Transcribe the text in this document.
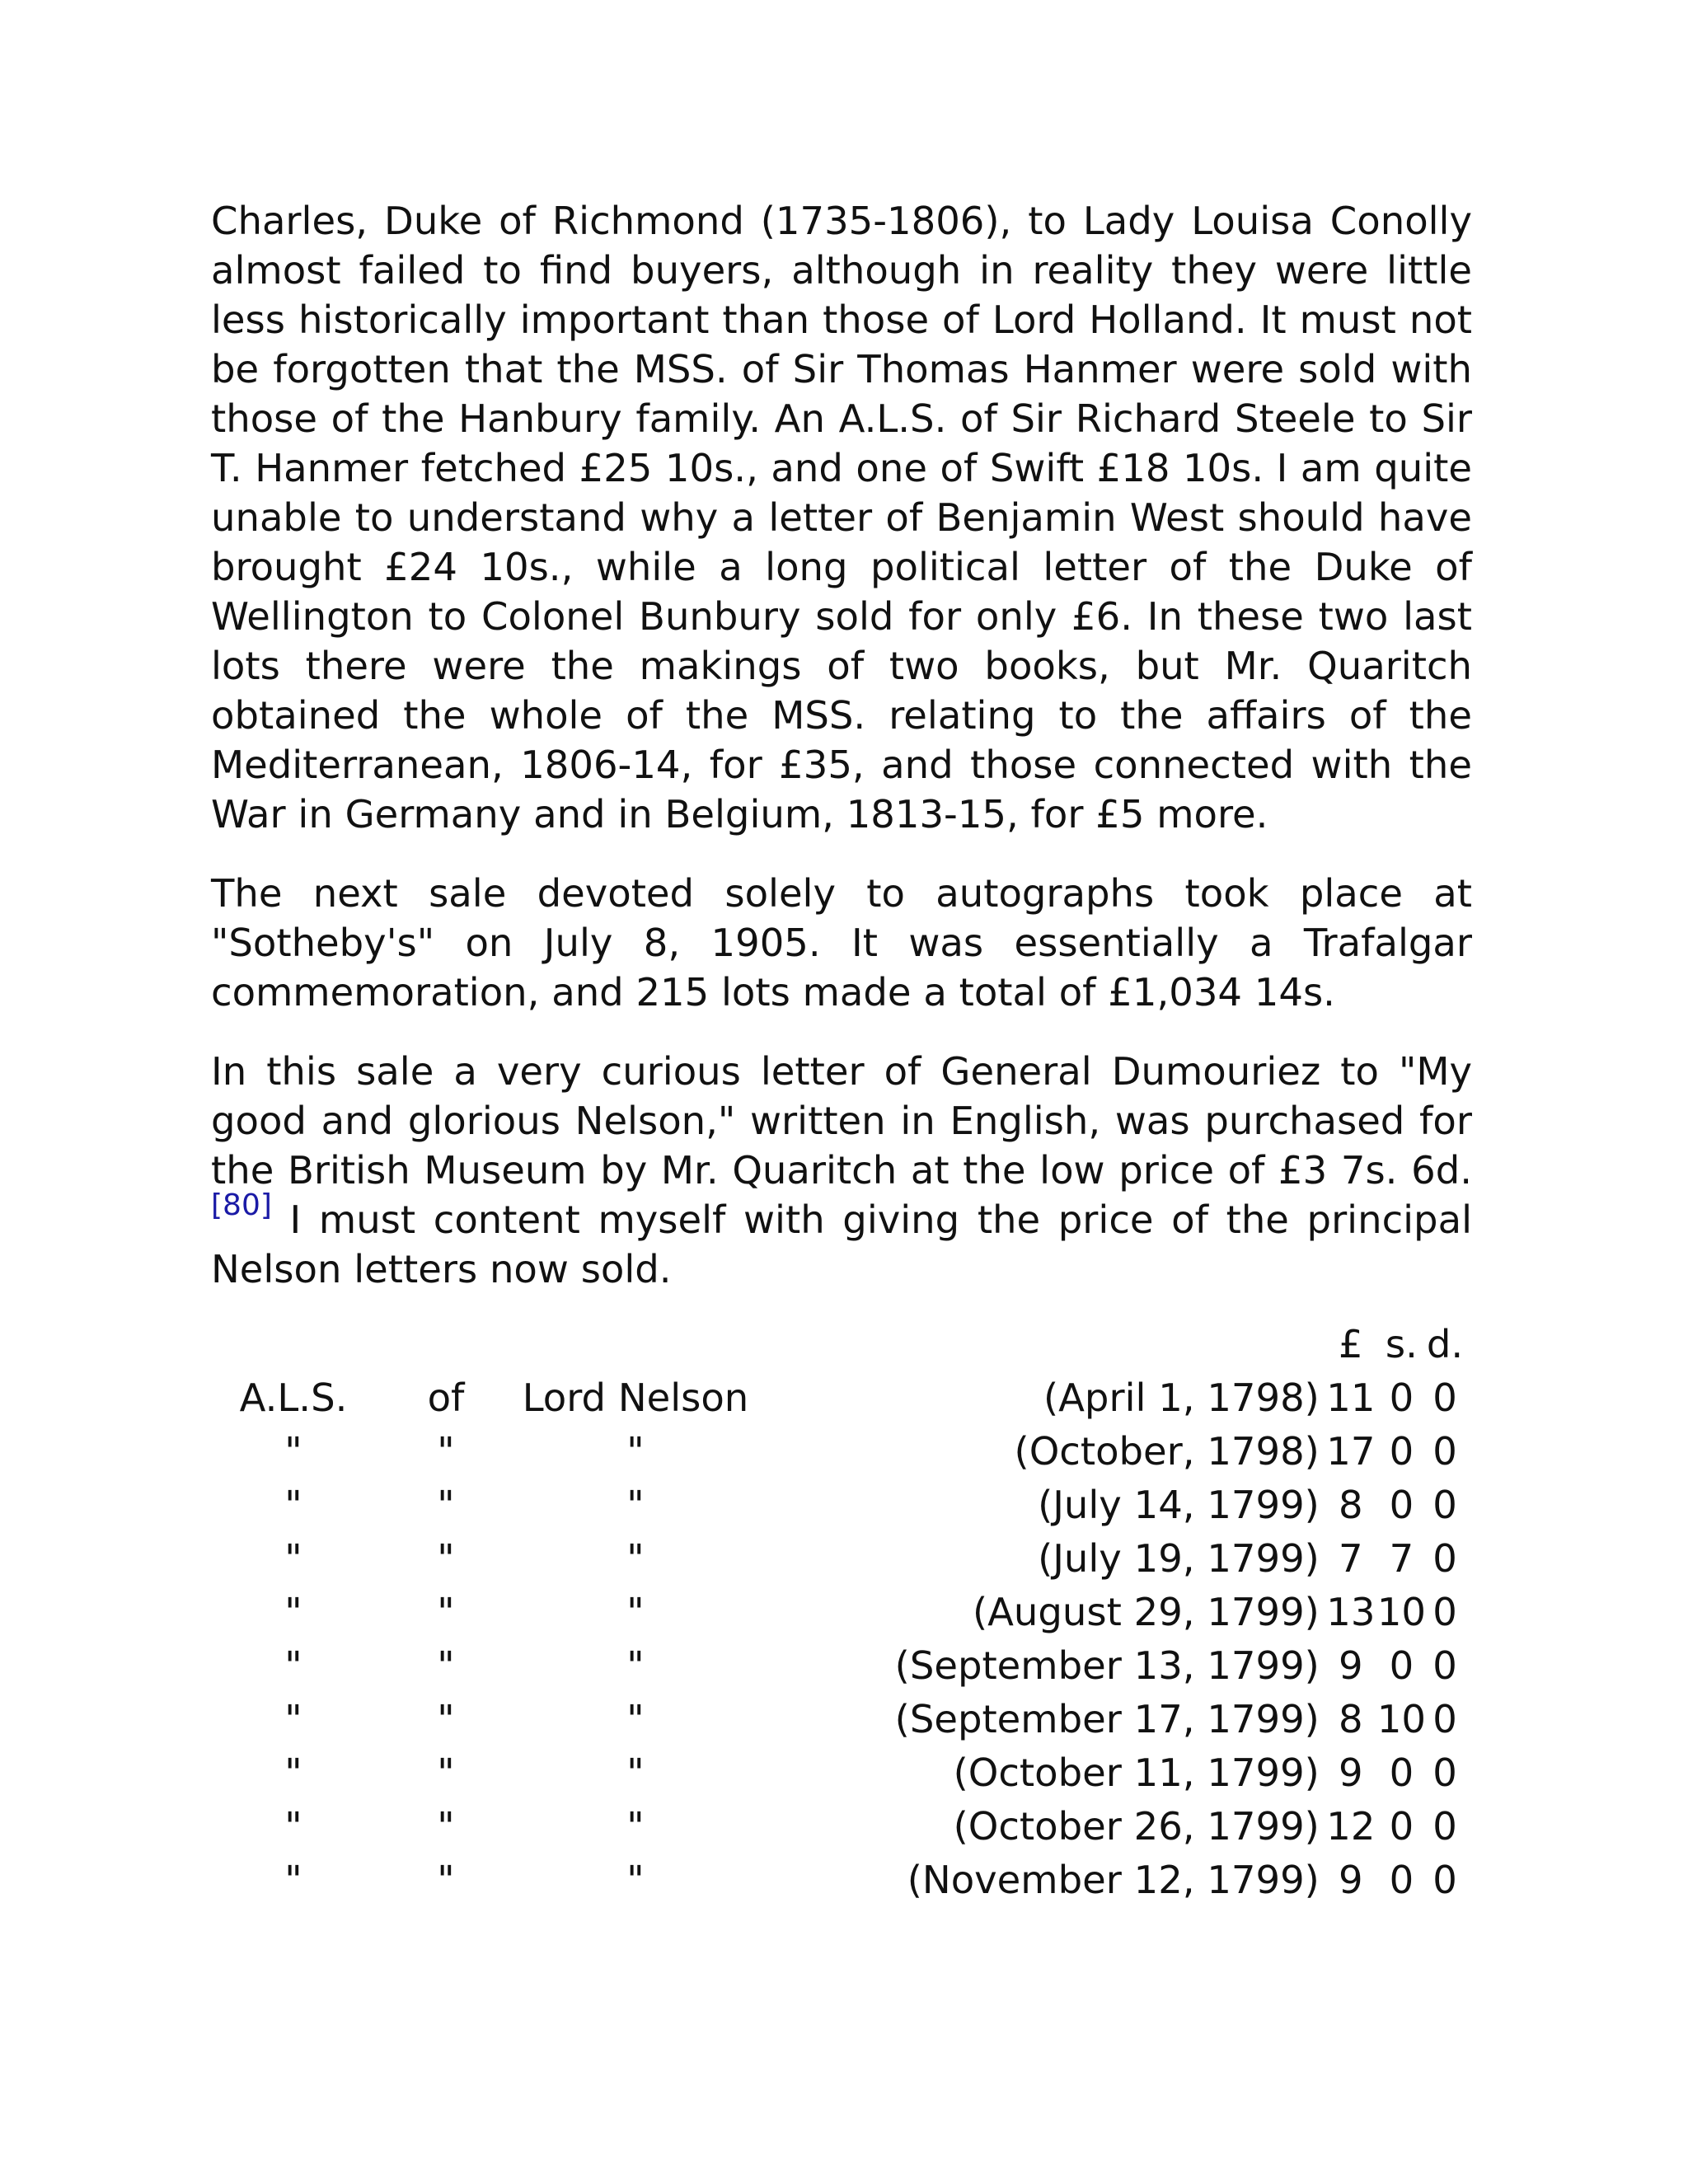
Charles, Duke of Richmond (1735-1806), to Lady Louisa Conolly almost failed to find buyers, although in reality they were little less historically important than those of Lord Holland. It must not be forgotten that the MSS. of Sir Thomas Hanmer were sold with those of the Hanbury family. An A.L.S. of Sir Richard Steele to Sir T. Hanmer fetched £25 10s., and one of Swift £18 10s. I am quite unable to understand why a letter of Benjamin West should have brought £24 10s., while a long political letter of the Duke of Wellington to Colonel Bunbury sold for only £6. In these two last lots there were the makings of two books, but Mr. Quaritch obtained the whole of the MSS. relating to the affairs of the Mediterranean, 1806-14, for £35, and those connected with the War in Germany and in Belgium, 1813-15, for £5 more.

The next sale devoted solely to autographs took place at "Sotheby's" on July 8, 1905. It was essentially a Trafalgar commemoration, and 215 lots made a total of £1,034 14s.

In this sale a very curious letter of General Dumouriez to "My good and glorious Nelson," written in English, was purchased for the British Museum by Mr. Quaritch at the low price of £3 7s. 6d.[80] I must content myself with giving the price of the principal Nelson letters now sold.

				£	s.	d.
A.L.S.	of	Lord Nelson	(April 1, 1798)	11	0	0
"	"	"	(October, 1798)	17	0	0
"	"	"	(July 14, 1799)	8	0	0
"	"	"	(July 19, 1799)	7	7	0
"	"	"	(August 29, 1799)	13	10	0
"	"	"	(September 13, 1799)	9	0	0
"	"	"	(September 17, 1799)	8	10	0
"	"	"	(October 11, 1799)	9	0	0
"	"	"	(October 26, 1799)	12	0	0
"	"	"	(November 12, 1799)	9	0	0
